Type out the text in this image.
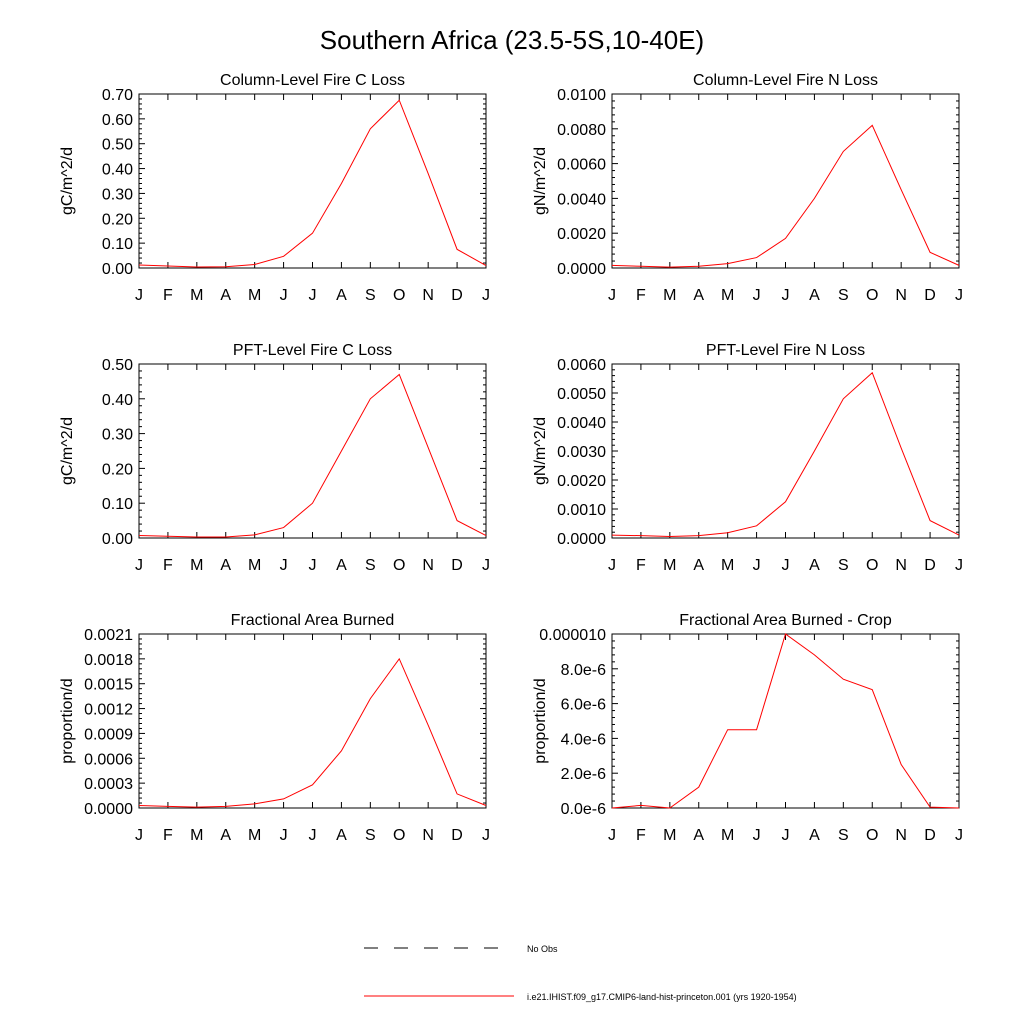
Southern Africa (23.5-5S,10-40E)
Column-Level Fire C Loss
gC/m^2/d
J F M A M J J A S O N D J
0.00
0.10
0.20
0.30
0.40
0.50
0.60
0.70
Column-Level Fire N Loss
gN/m^2/d
J F M A M J J A S O N D J
0.0000
0.0020
0.0040
0.0060
0.0080
0.0100
PFT-Level Fire C Loss
gC/m^2/d
J F M A M J J A S O N D J
0.00
0.10
0.20
0.30
0.40
0.50
PFT-Level Fire N Loss
gN/m^2/d
J F M A M J J A S O N D J
0.0000
0.0010
0.0020
0.0030
0.0040
0.0050
0.0060
Fractional Area Burned
proportion/d
J F M A M J J A S O N D J
0.0000
0.0003
0.0006
0.0009
0.0012
0.0015
0.0018
0.0021
Fractional Area Burned - Crop
proportion/d
J F M A M J J A S O N D J
0.0e-6
2.0e-6
4.0e-6
6.0e-6
8.0e-6
0.000010
No Obs
i.e21.IHIST.f09_g17.CMIP6-land-hist-princeton.001 (yrs 1920-1954)
